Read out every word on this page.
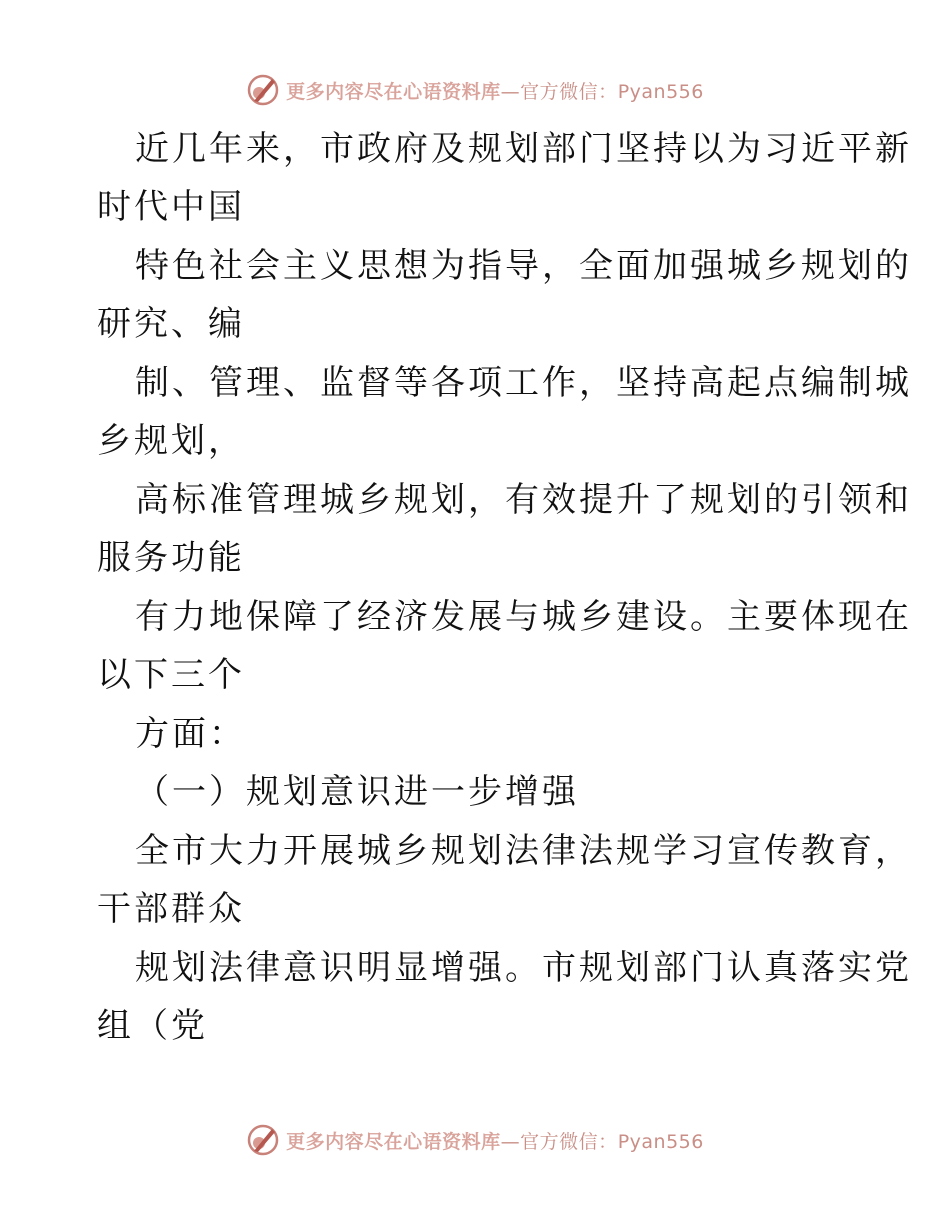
更多内容尽在心语资料库—官方微信：Pyan556
近几年来，市政府及规划部门坚持以为习近平新
时代中国
特色社会主义思想为指导，全面加强城乡规划的
研究、编
制、管理、监督等各项工作，坚持高起点编制城
乡规划，
高标准管理城乡规划，有效提升了规划的引领和
服务功能
有力地保障了经济发展与城乡建设。主要体现在
以下三个
方面：
（一）规划意识进一步增强
全市大力开展城乡规划法律法规学习宣传教育，
干部群众
规划法律意识明显增强。市规划部门认真落实党
组（党
更多内容尽在心语资料库—官方微信：Pyan556
